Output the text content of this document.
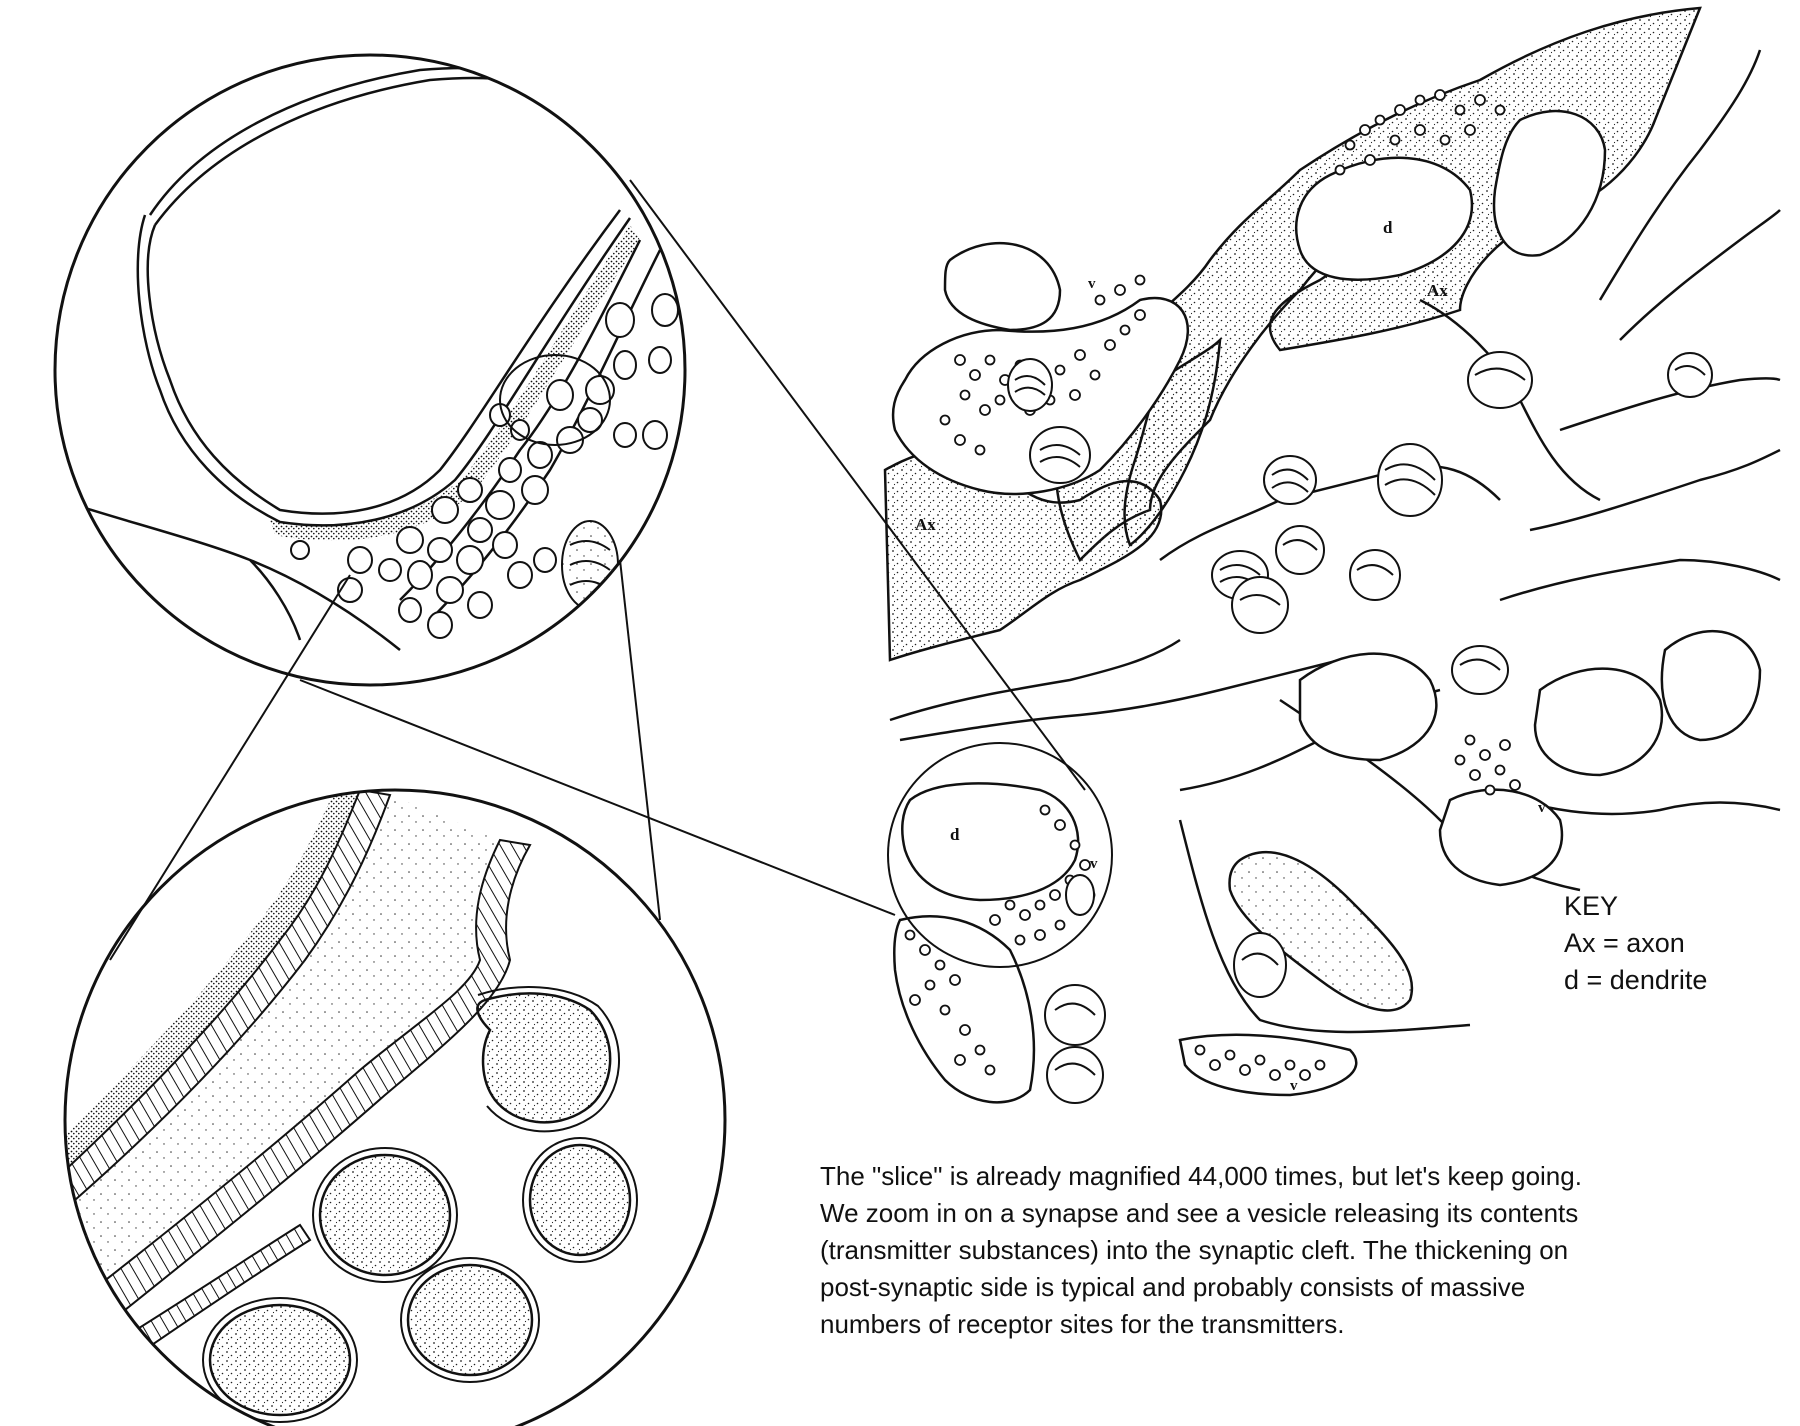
Ax
Ax
d
d
v
v
v
v
KEY
Ax = axon
d = dendrite
The "slice" is already magnified 44,000 times, but let's keep going.
We zoom in on a synapse and see a vesicle releasing its contents
(transmitter substances) into the synaptic cleft. The thickening on
post-synaptic side is typical and probably consists of massive
numbers of receptor sites for the transmitters.
